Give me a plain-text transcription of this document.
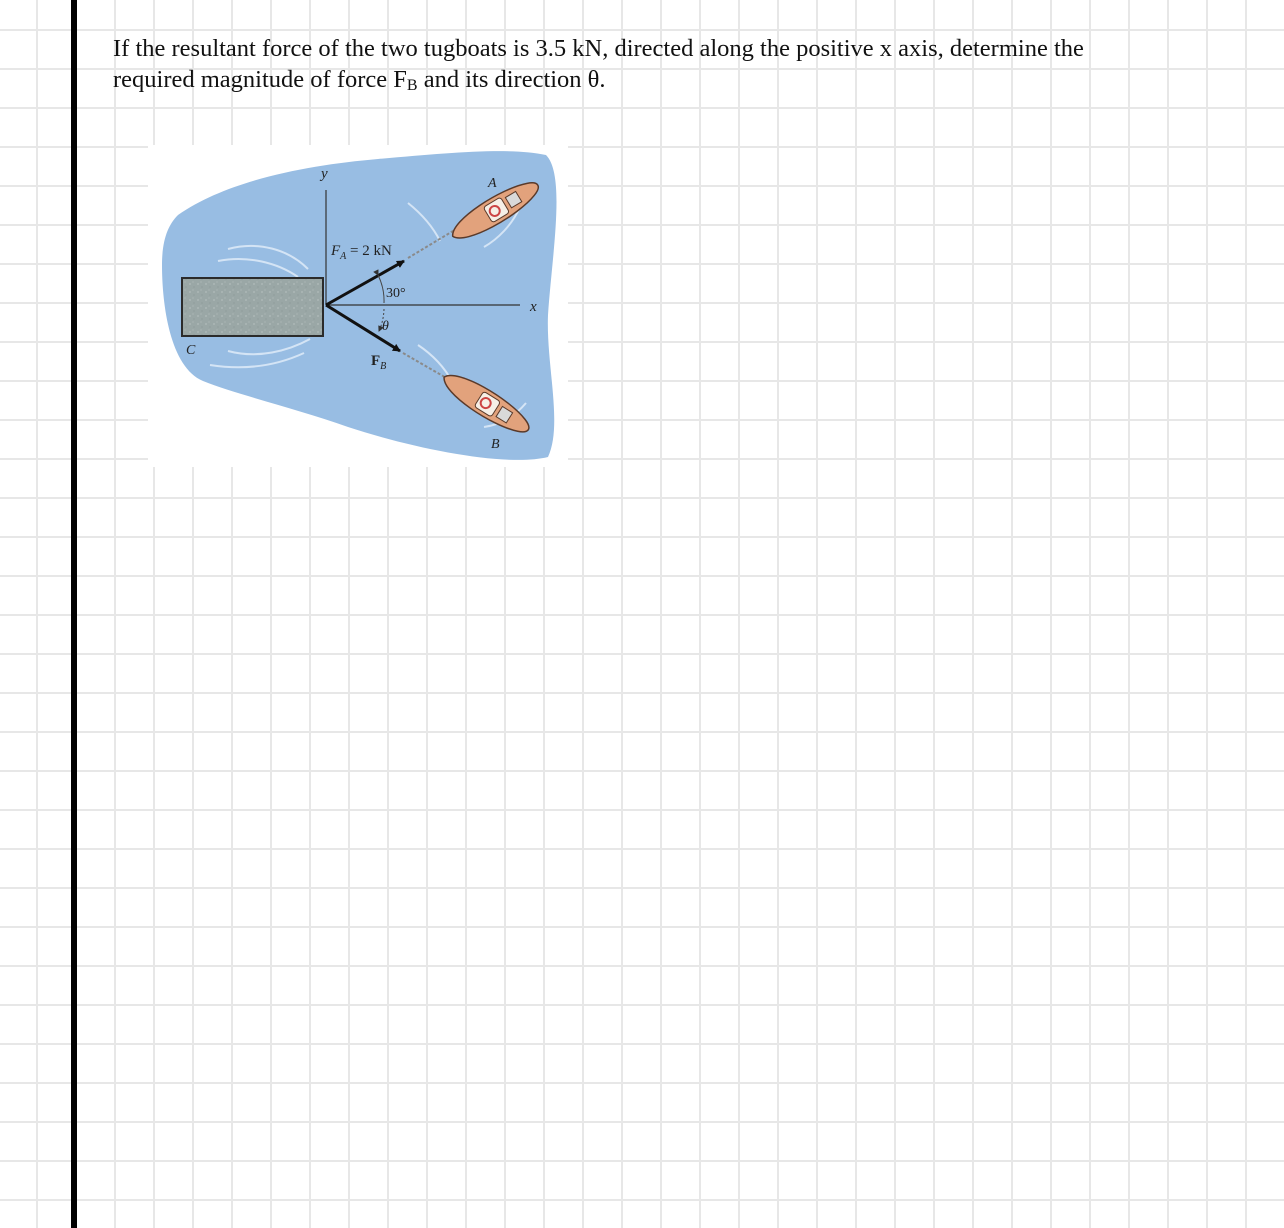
If the resultant force of the two tugboats is 3.5 kN, directed along the positive x axis, determine the required magnitude of force $F_B$ and its direction θ.
y
x
A
B
C
$F_A = 2$ kN
$F_B$
30°
θ
